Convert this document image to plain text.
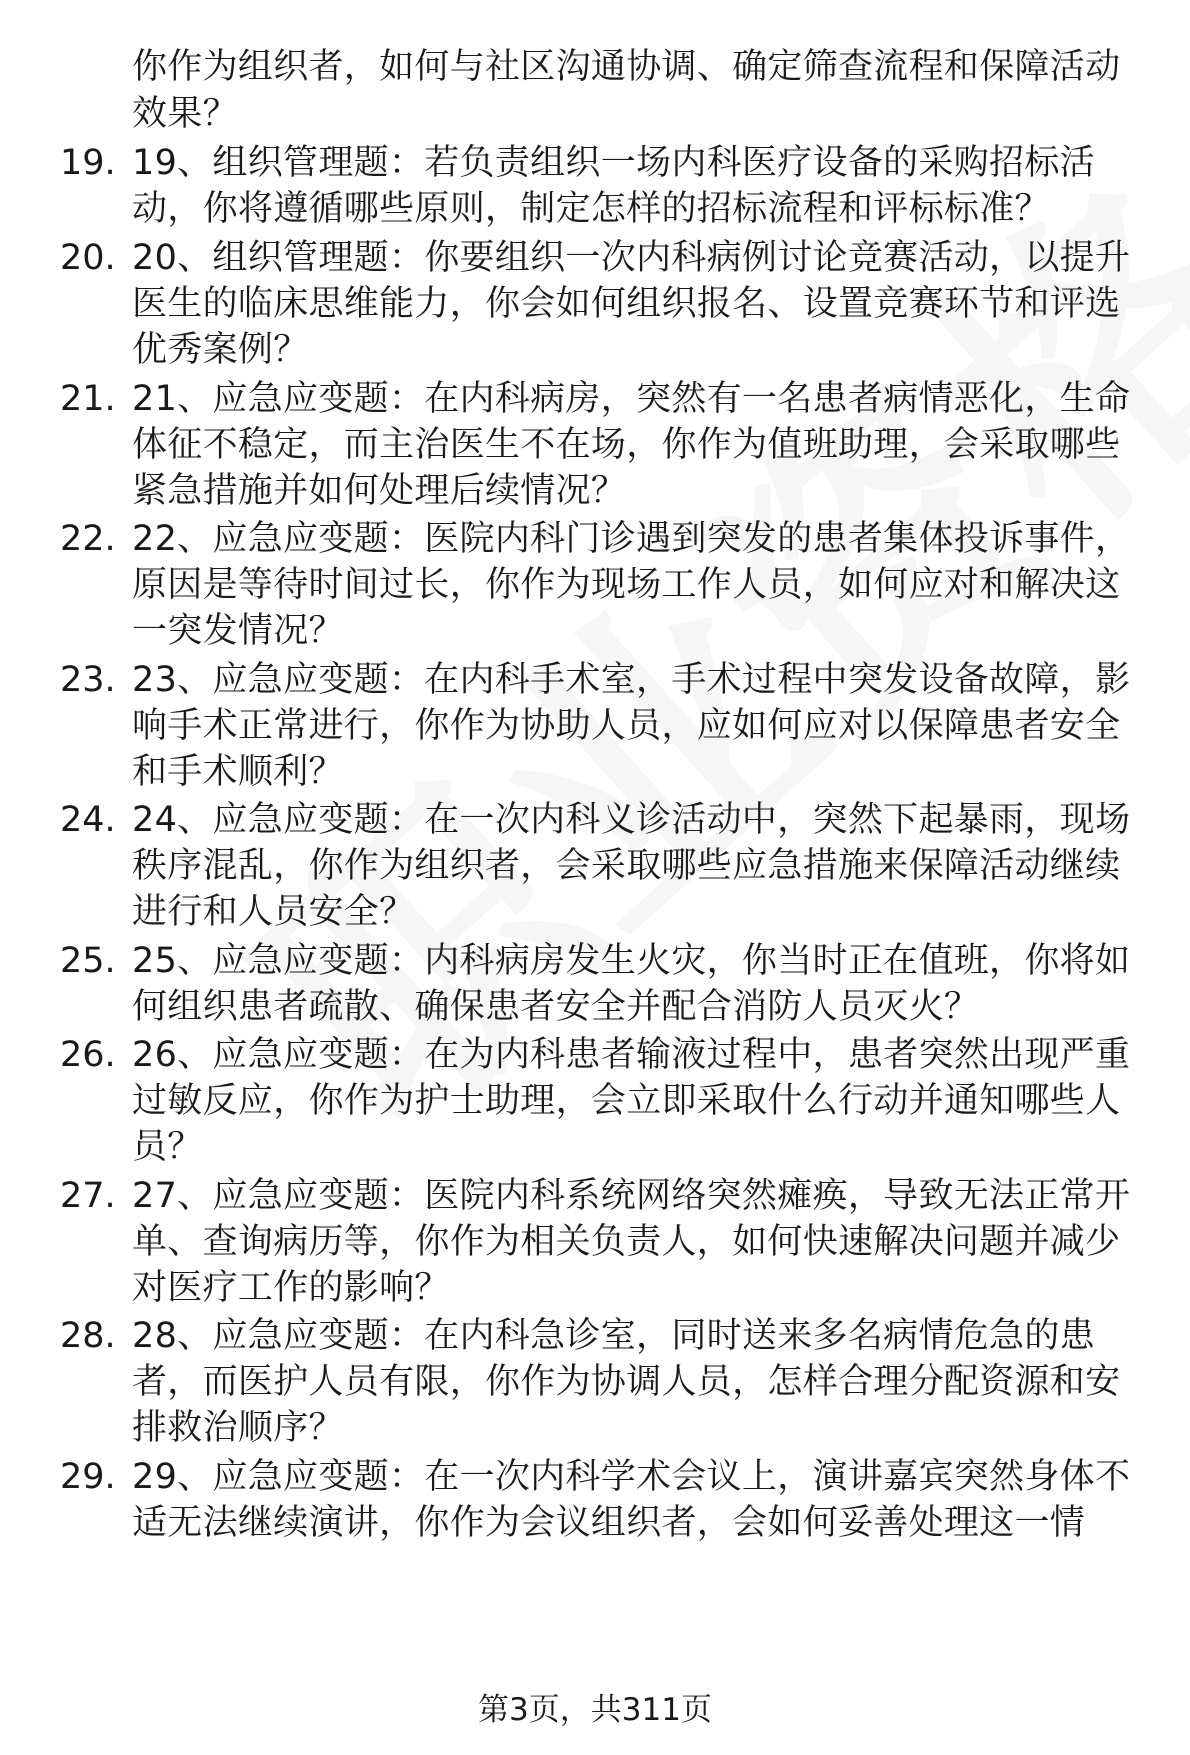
你作为组织者，如何与社区沟通协调、确定筛查流程和保障活动
效果？
19. 19、组织管理题：若负责组织一场内科医疗设备的采购招标活
动，你将遵循哪些原则，制定怎样的招标流程和评标标准？
20. 20、组织管理题：你要组织一次内科病例讨论竞赛活动，以提升
医生的临床思维能力，你会如何组织报名、设置竞赛环节和评选
优秀案例？
21. 21、应急应变题：在内科病房，突然有一名患者病情恶化，生命
体征不稳定，而主治医生不在场，你作为值班助理，会采取哪些
紧急措施并如何处理后续情况？
22. 22、应急应变题：医院内科门诊遇到突发的患者集体投诉事件，
原因是等待时间过长，你作为现场工作人员，如何应对和解决这
一突发情况？
23. 23、应急应变题：在内科手术室，手术过程中突发设备故障，影
响手术正常进行，你作为协助人员，应如何应对以保障患者安全
和手术顺利？
24. 24、应急应变题：在一次内科义诊活动中，突然下起暴雨，现场
秩序混乱，你作为组织者，会采取哪些应急措施来保障活动继续
进行和人员安全？
25. 25、应急应变题：内科病房发生火灾，你当时正在值班，你将如
何组织患者疏散、确保患者安全并配合消防人员灭火？
26. 26、应急应变题：在为内科患者输液过程中，患者突然出现严重
过敏反应，你作为护士助理，会立即采取什么行动并通知哪些人
员？
27. 27、应急应变题：医院内科系统网络突然瘫痪，导致无法正常开
单、查询病历等，你作为相关负责人，如何快速解决问题并减少
对医疗工作的影响？
28. 28、应急应变题：在内科急诊室，同时送来多名病情危急的患
者，而医护人员有限，你作为协调人员，怎样合理分配资源和安
排救治顺序？
29. 29、应急应变题：在一次内科学术会议上，演讲嘉宾突然身体不
适无法继续演讲，你作为会议组织者，会如何妥善处理这一情
第3页，共311页
